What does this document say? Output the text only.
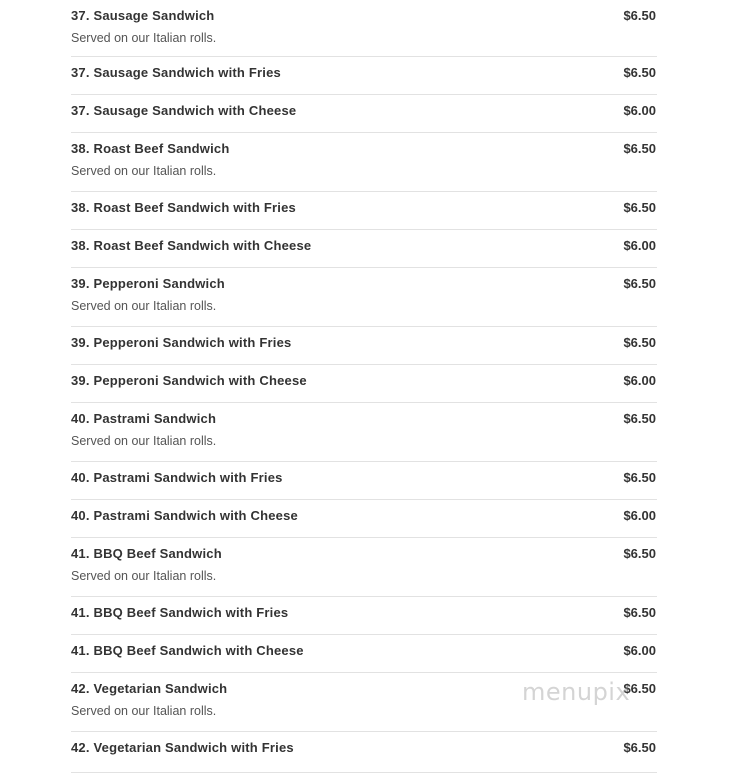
37. Sausage Sandwich	$6.50
Served on our Italian rolls.
37. Sausage Sandwich with Fries	$6.50
37. Sausage Sandwich with Cheese	$6.00
38. Roast Beef Sandwich	$6.50
Served on our Italian rolls.
38. Roast Beef Sandwich with Fries	$6.50
38. Roast Beef Sandwich with Cheese	$6.00
39. Pepperoni Sandwich	$6.50
Served on our Italian rolls.
39. Pepperoni Sandwich with Fries	$6.50
39. Pepperoni Sandwich with Cheese	$6.00
40. Pastrami Sandwich	$6.50
Served on our Italian rolls.
40. Pastrami Sandwich with Fries	$6.50
40. Pastrami Sandwich with Cheese	$6.00
41. BBQ Beef Sandwich	$6.50
Served on our Italian rolls.
41. BBQ Beef Sandwich with Fries	$6.50
41. BBQ Beef Sandwich with Cheese	$6.00
42. Vegetarian Sandwich	$6.50
Served on our Italian rolls.
42. Vegetarian Sandwich with Fries	$6.50
menupix
